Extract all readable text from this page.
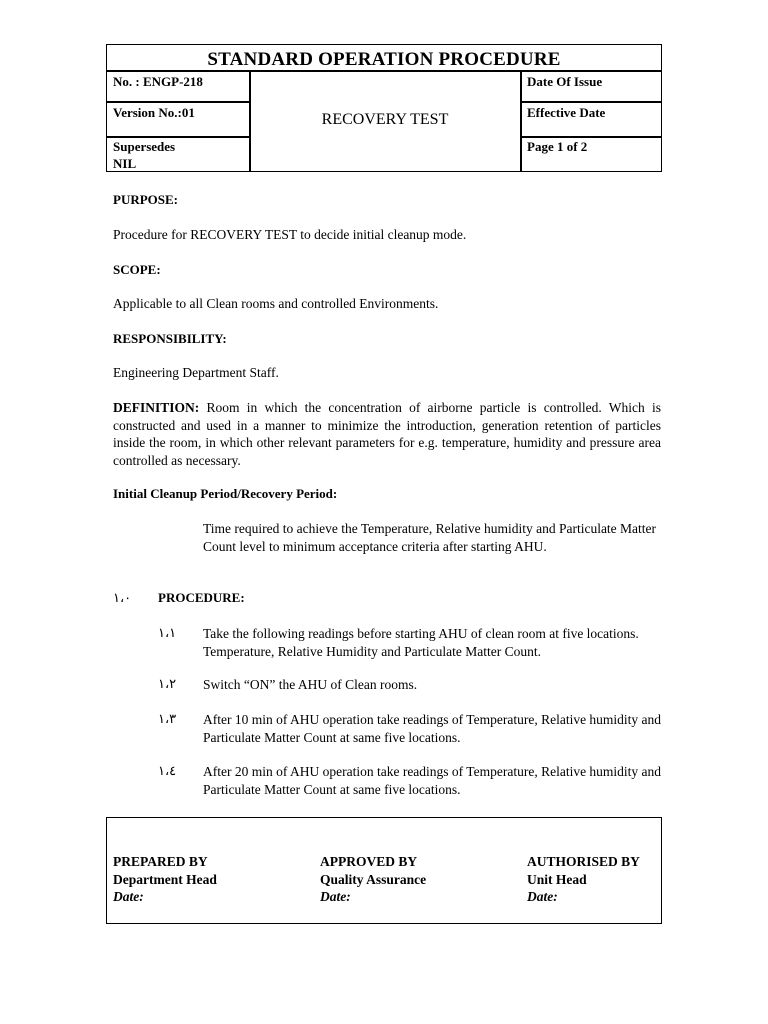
STANDARD OPERATION PROCEDURE
No. : ENGP-218
Version No.:01
Supersedes
NIL
RECOVERY TEST
Date Of Issue
Effective Date
Page 1 of 2
PURPOSE:
Procedure for RECOVERY TEST to decide initial cleanup mode.
SCOPE:
Applicable to all Clean rooms and controlled Environments.
RESPONSIBILITY:
Engineering Department Staff.
DEFINITION: Room in which the concentration of airborne particle is controlled. Which is constructed and used in a manner to minimize the introduction, generation retention of particles inside the room, in which other relevant parameters for e.g. temperature, humidity and pressure area controlled as necessary.
Initial Cleanup Period/Recovery Period:
Time required to achieve the Temperature, Relative humidity and Particulate Matter Count level to minimum acceptance criteria after starting AHU.
١،٠ PROCEDURE:
١،١ Take the following readings before starting AHU of clean room at five locations. Temperature, Relative Humidity and Particulate Matter Count.
١،٢ Switch “ON” the AHU of Clean rooms.
١،٣ After 10 min of AHU operation take readings of Temperature, Relative humidity and Particulate Matter Count at same five locations.
١،٤ After 20 min of AHU operation take readings of Temperature, Relative humidity and Particulate Matter Count at same five locations.
PREPARED BY
Department Head
Date:
APPROVED BY
Quality Assurance
Date:
AUTHORISED BY
Unit Head
Date:
